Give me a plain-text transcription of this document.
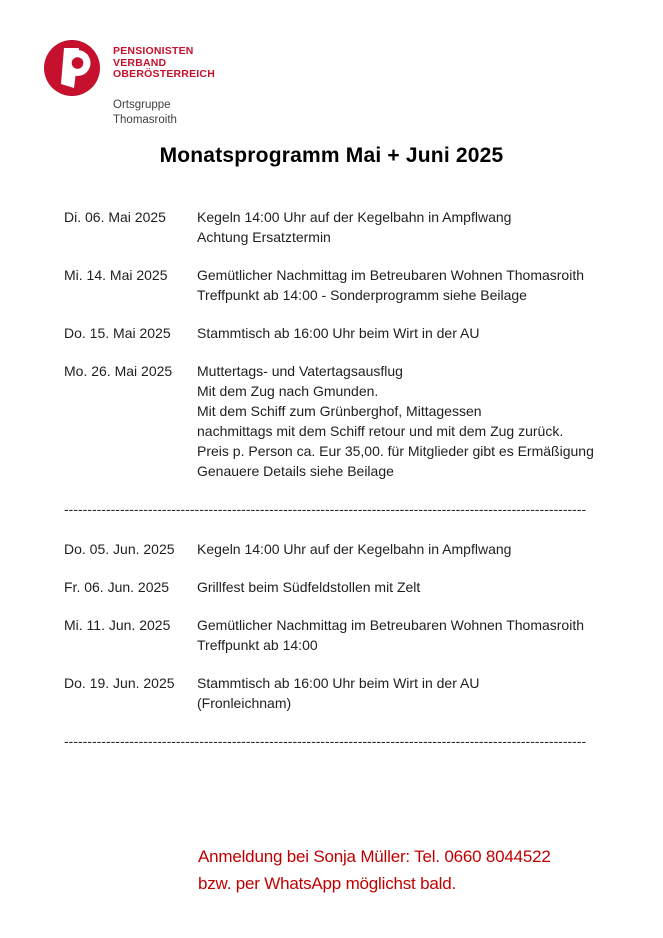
PENSIONISTEN
VERBAND
OBERÖSTERREICH
Ortsgruppe
Thomasroith
Monatsprogramm Mai + Juni 2025
Di. 06. Mai 2025	Kegeln 14:00 Uhr auf der Kegelbahn in Ampflwang
Achtung Ersatztermin
Mi. 14. Mai 2025	Gemütlicher Nachmittag im Betreubaren Wohnen Thomasroith
Treffpunkt ab 14:00 - Sonderprogramm siehe Beilage
Do. 15. Mai 2025	Stammtisch ab 16:00 Uhr beim Wirt in der AU
Mo. 26. Mai 2025	Muttertags- und Vatertagsausflug
Mit dem Zug nach Gmunden.
Mit dem Schiff zum Grünberghof, Mittagessen
nachmittags mit dem Schiff retour und mit dem Zug zurück.
Preis p. Person ca. Eur 35,00. für Mitglieder gibt es Ermäßigung
Genauere Details siehe Beilage
----------------------------------------------------------------------------------------------------------------
Do. 05. Jun. 2025	Kegeln 14:00 Uhr auf der Kegelbahn in Ampflwang
Fr. 06. Jun. 2025	Grillfest beim Südfeldstollen mit Zelt
Mi. 11. Jun. 2025	Gemütlicher Nachmittag im Betreubaren Wohnen Thomasroith
Treffpunkt ab 14:00
Do. 19. Jun. 2025	Stammtisch ab 16:00 Uhr beim Wirt in der AU
(Fronleichnam)
----------------------------------------------------------------------------------------------------------------
Anmeldung bei Sonja Müller: Tel. 0660 8044522
bzw. per WhatsApp möglichst bald.
